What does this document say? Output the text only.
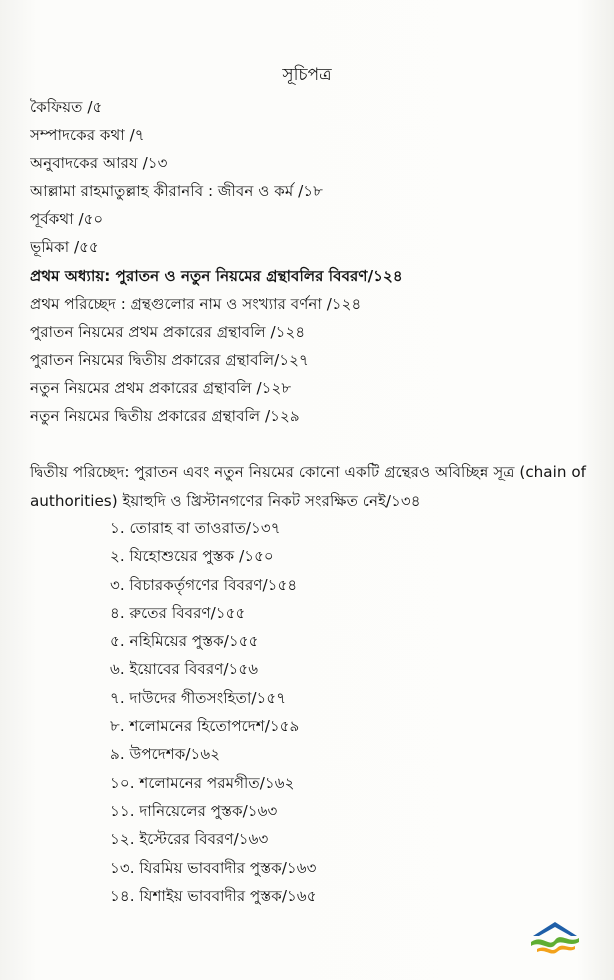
সূচিপত্র
কৈফিয়ত /৫
সম্পাদকের কথা /৭
অনুবাদকের আরয /১৩
আল্লামা রাহমাতুল্লাহ কীরানবি : জীবন ও কর্ম /১৮
পূর্বকথা /৫০
ভূমিকা /৫৫
প্রথম অধ্যায়: পুরাতন ও নতুন নিয়মের গ্রন্থাবলির বিবরণ/১২৪
প্রথম পরিচ্ছেদ : গ্রন্থগুলোর নাম ও সংখ্যার বর্ণনা /১২৪
পুরাতন নিয়মের প্রথম প্রকারের গ্রন্থাবলি /১২৪
পুরাতন নিয়মের দ্বিতীয় প্রকারের গ্রন্থাবলি/১২৭
নতুন নিয়মের প্রথম প্রকারের গ্রন্থাবলি /১২৮
নতুন নিয়মের দ্বিতীয় প্রকারের গ্রন্থাবলি /১২৯

দ্বিতীয় পরিচ্ছেদ: পুরাতন এবং নতুন নিয়মের কোনো একটি গ্রন্থেরও অবিচ্ছিন্ন সূত্র (chain of authorities) ইয়াহুদি ও খ্রিস্টানগণের নিকট সংরক্ষিত নেই/১৩৪

১. তোরাহ বা তাওরাত/১৩৭
২. যিহোশুয়ের পুস্তক /১৫০
৩. বিচারকর্তৃগণের বিবরণ/১৫৪
৪. রুতের বিবরণ/১৫৫
৫. নহিমিয়ের পুস্তক/১৫৫
৬. ইয়োবের বিবরণ/১৫৬
৭. দাউদের গীতসংহিতা/১৫৭
৮. শলোমনের হিতোপদেশ/১৫৯
৯. উপদেশক/১৬২
১০. শলোমনের পরমগীত/১৬২
১১. দানিয়েলের পুস্তক/১৬৩
১২. ইস্টেরের বিবরণ/১৬৩
১৩. যিরমিয় ভাববাদীর পুস্তক/১৬৩
১৪. যিশাইয় ভাববাদীর পুস্তক/১৬৫
